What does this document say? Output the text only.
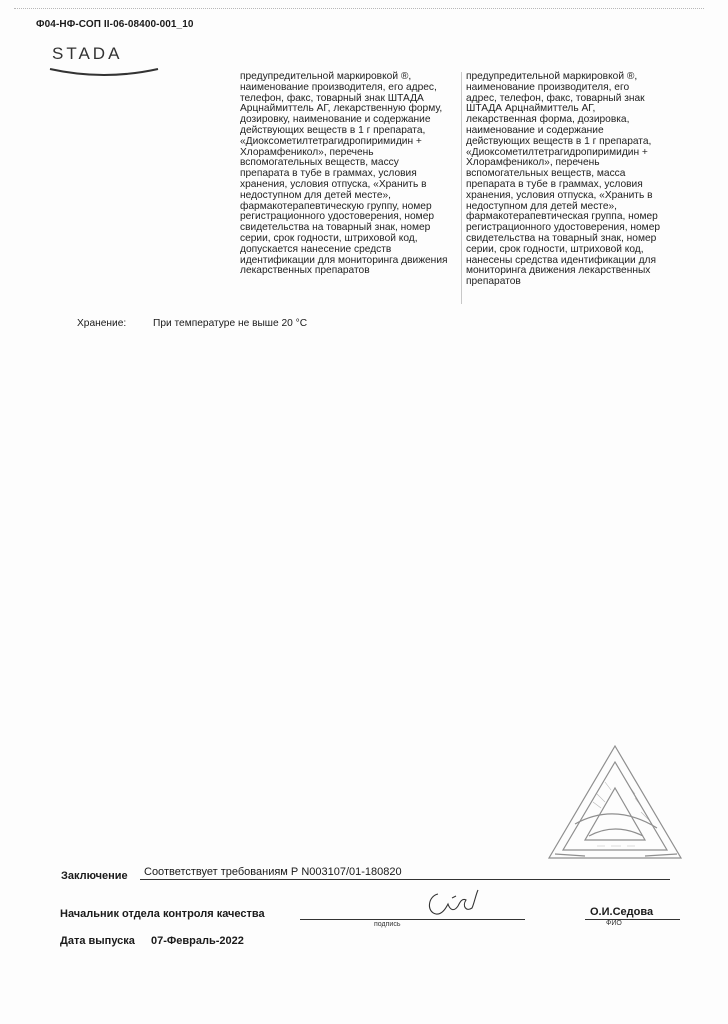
Ф04-НФ-СОП II-06-08400-001_10
STADA
предупредительной маркировкой ®,
наименование производителя, его адрес,
телефон, факс, товарный знак ШТАДА
Арцнаймиттель АГ, лекарственную форму,
дозировку, наименование и содержание
действующих веществ в 1 г препарата,
«Диоксометилтетрагидропиримидин +
Хлорамфеникол», перечень
вспомогательных веществ, массу
препарата в тубе в граммах, условия
хранения, условия отпуска, «Хранить в
недоступном для детей месте»,
фармакотерапевтическую группу, номер
регистрационного удостоверения, номер
свидетельства на товарный знак, номер
серии, срок годности, штриховой код,
допускается нанесение средств
идентификации для мониторинга движения
лекарственных препаратов
предупредительной маркировкой ®,
наименование производителя, его
адрес, телефон, факс, товарный знак
ШТАДА Арцнаймиттель АГ,
лекарственная форма, дозировка,
наименование и содержание
действующих веществ в 1 г препарата,
«Диоксометилтетрагидропиримидин +
Хлорамфеникол», перечень
вспомогательных веществ, масса
препарата в тубе в граммах, условия
хранения, условия отпуска, «Хранить в
недоступном для детей месте»,
фармакотерапевтическая группа, номер
регистрационного удостоверения, номер
свидетельства на товарный знак, номер
серии, срок годности, штриховой код,
нанесены средства идентификации для
мониторинга движения лекарственных
препаратов
Хранение:	При температуре не выше 20 °C
Заключение Соответствует требованиям Р N003107/01-180820
Начальник отдела контроля качества
подпись
О.И.Седова
ФИО
Дата выпуска 07-Февраль-2022
